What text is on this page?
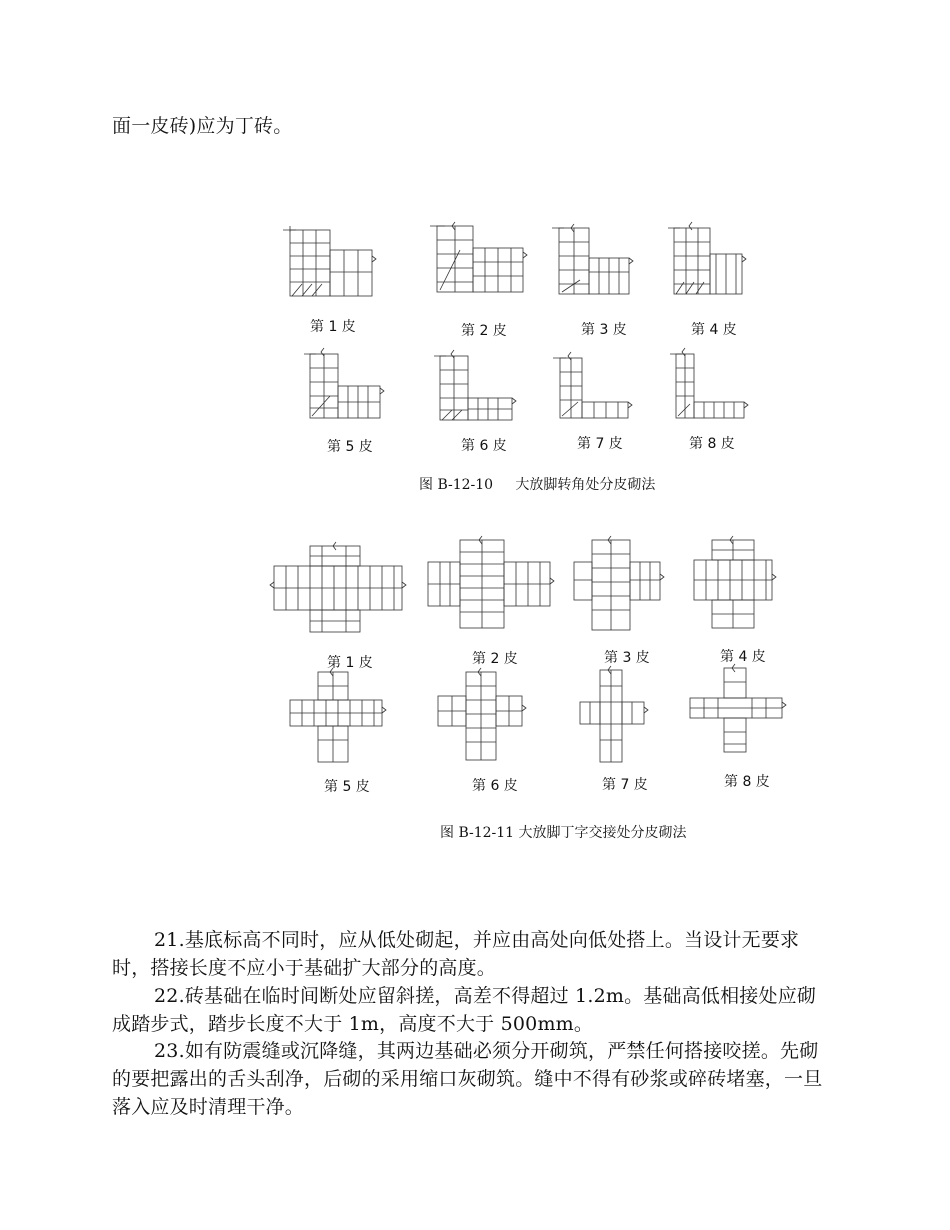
面一皮砖)应为丁砖。

第 1 皮	第 2 皮	第 3 皮	第 4 皮
第 5 皮	第 6 皮	第 7 皮	第 8 皮
图 B-12-10 大放脚转角处分皮砌法
第 1 皮	第 2 皮	第 3 皮	第 4 皮
第 5 皮	第 6 皮	第 7 皮	第 8 皮
图 B-12-11 大放脚丁字交接处分皮砌法

21.基底标高不同时，应从低处砌起，并应由高处向低处搭上。当设计无要求时，搭接长度不应小于基础扩大部分的高度。

22.砖基础在临时间断处应留斜搓，高差不得超过 1.2m。基础高低相接处应砌成踏步式，踏步长度不大于 1m，高度不大于 500mm。

23.如有防震缝或沉降缝，其两边基础必须分开砌筑，严禁任何搭接咬搓。先砌的要把露出的舌头刮净，后砌的采用缩口灰砌筑。缝中不得有砂浆或碎砖堵塞，一旦落入应及时清理干净。
